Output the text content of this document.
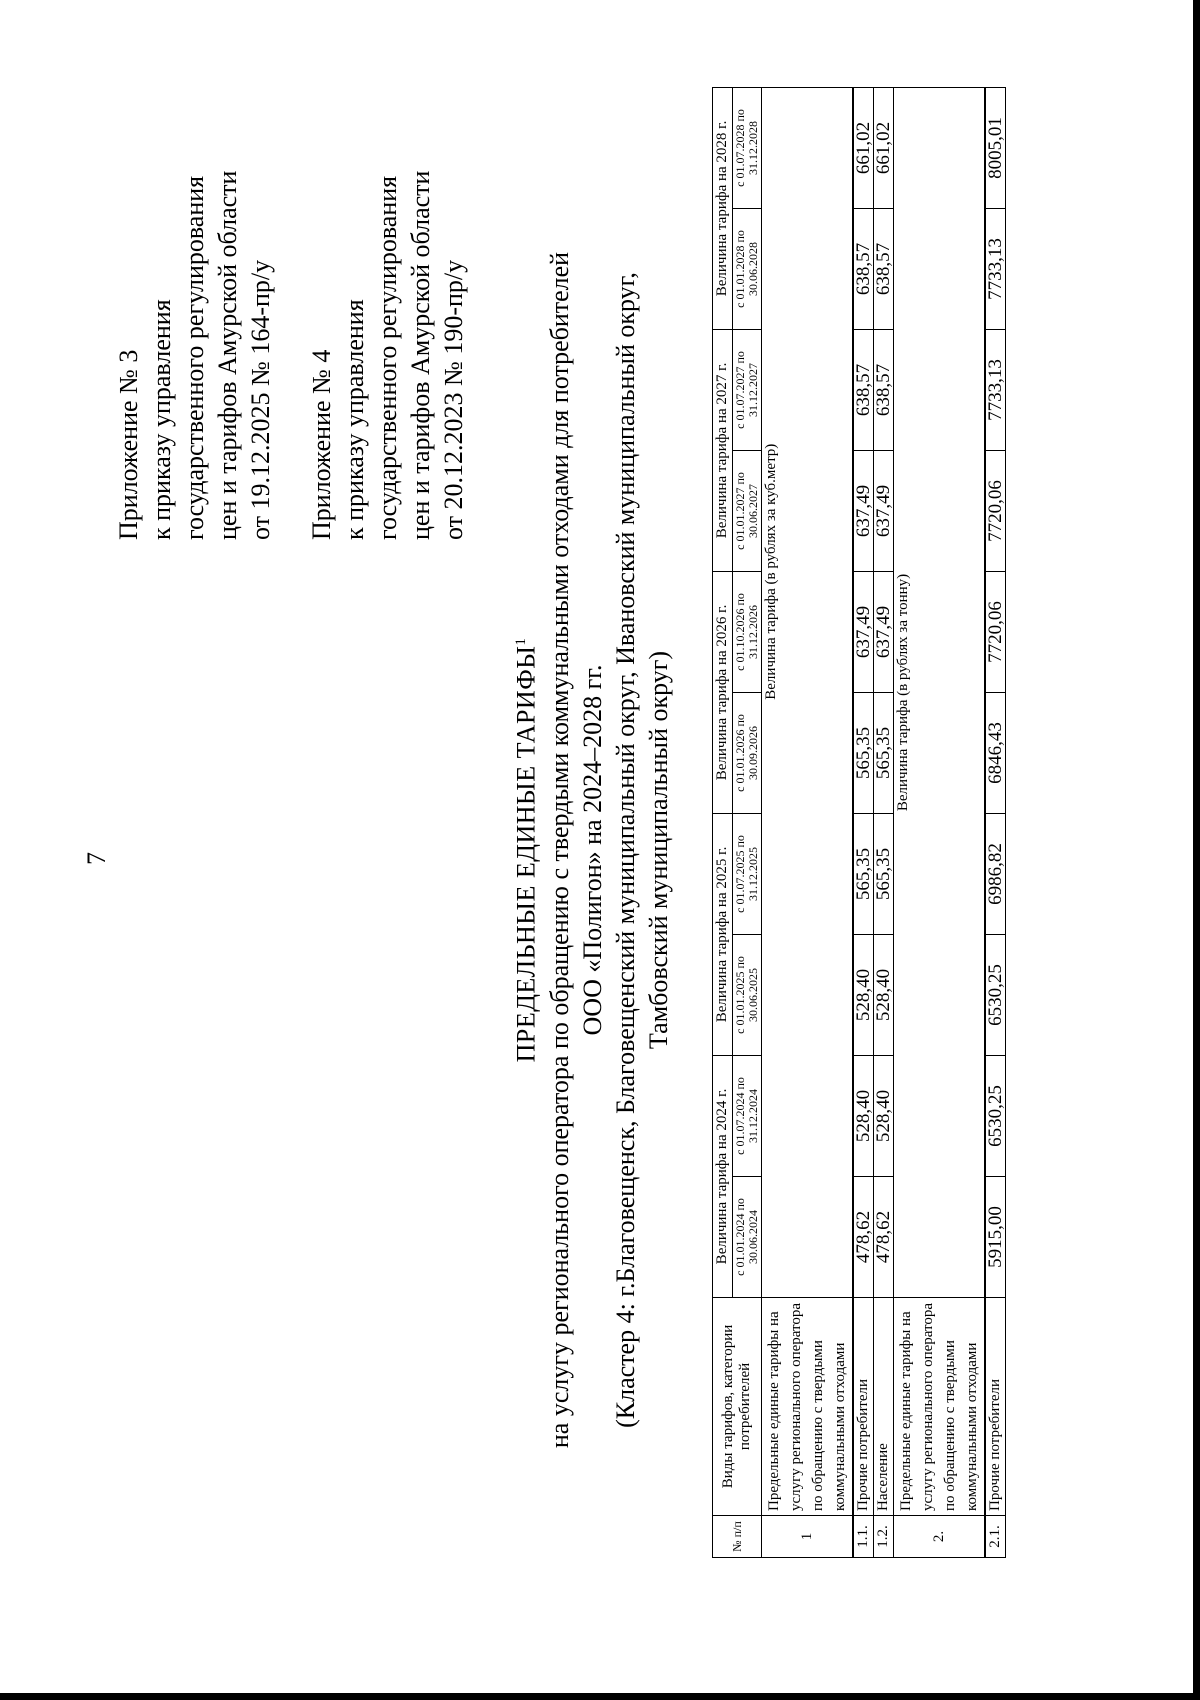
7
Приложение № 3 к приказу управления государственного регулирования цен и тарифов Амурской области от 19.12.2025 № 164-пр/у Приложение № 4 к приказу управления государственного регулирования цен и тарифов Амурской области от 20.12.2023 № 190-пр/у
ПРЕДЕЛЬНЫЕ ЕДИНЫЕ ТАРИФЫ$^1$ на услугу регионального оператора по обращению с твердыми коммунальными отходами для потребителей ООО «Полигон» на 2024–2028 гг. (Кластер 4: г.Благовещенск, Благовещенский муниципальный округ, Ивановский муниципальный округ, Тамбовский муниципальный округ)
№ п/п	Виды тарифов, категории потребителей	Величина тарифа на 2024 г.		Величина тарифа на 2025 г.		Величина тарифа на 2026 г.		Величина тарифа на 2027 г.		Величина тарифа на 2028 г.	
		с 01.01.2024 по 30.06.2024	с 01.07.2024 по 31.12.2024	с 01.01.2025 по 30.06.2025	с 01.07.2025 по 31.12.2025	с 01.01.2026 по 30.09.2026	с 01.10.2026 по 31.12.2026	с 01.01.2027 по 30.06.2027	с 01.07.2027 по 31.12.2027	с 01.01.2028 по 30.06.2028	с 01.07.2028 по 31.12.2028
1	Предельные единые тарифы на услугу регионального оператора по обращению с твердыми коммунальными отходами			Величина тарифа (в рублях за куб.метр)							
1.1.	Прочие потребители	478,62	528,40	528,40	565,35	565,35	637,49	637,49	638,57	638,57	661,02
1.2.	Население	478,62	528,40	528,40	565,35	565,35	637,49	637,49	638,57	638,57	661,02
2.	Предельные единые тарифы на услугу регионального оператора по обращению с твердыми коммунальными отходами	Величина тарифа (в рублях за тонну)									
2.1.	Прочие потребители	5915,00	6530,25	6530,25	6986,82	6846,43	7720,06	7720,06	7733,13	7733,13	8005,01
